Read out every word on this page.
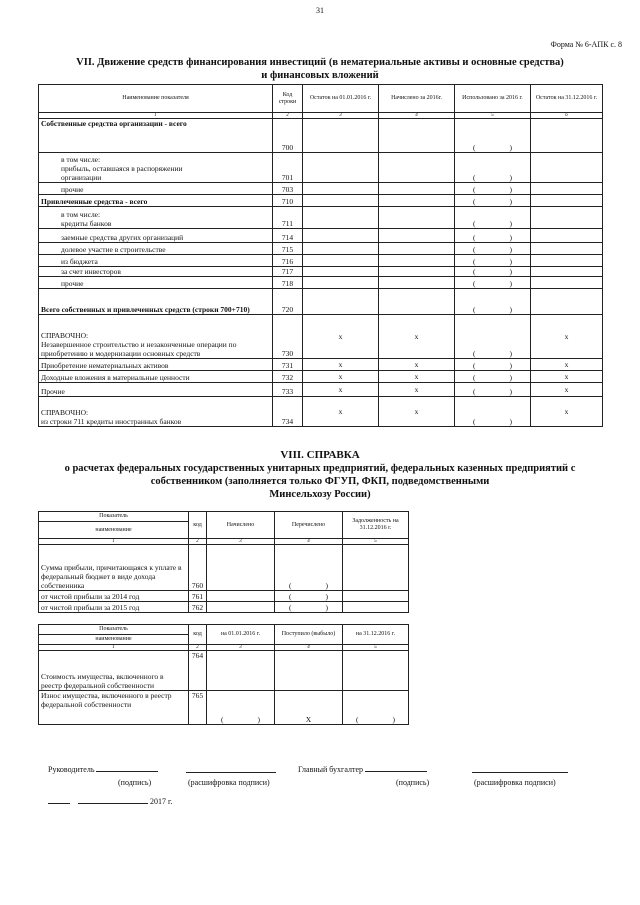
31
Форма № 6-АПК с. 8
VII. Движение средств финансирования инвестиций (в нематериальные активы и основные средства)
и финансовых вложений
Наименование показателя	Код строки	Остаток на 01.01.2016 г.	Начислено за 2016г.	Использовано за 2016 г.	Остаток на 31.12.2016 г.
1	2	3	4	5	6
Собственные средства организации - всего	700			( )	
в том числе:
прибыль, оставшаяся в распоряжении
организации	701			( )	
прочие	703			( )	
Привлеченные средства - всего	710			( )	
в том числе:
кредиты банков	711			( )	
заемные средства других организаций	714			( )	
долевое участие в строительстве	715			( )	
из бюджета	716			( )	
за счет инвесторов	717			( )	
прочие	718			( )	
Всего собственных и привлеченных средств (строки 700+710)	720			( )	
СПРАВОЧНО:
Незавершенное строительство и незаконченные операции по приобретению и модернизации основных средств	730	x	x	( )	x
Приобретение нематериальных активов	731	x	x	( )	x
Доходные вложения в материальные ценности	732	x	x	( )	x
Прочие	733	x	x	( )	x
СПРАВОЧНО:
из строки 711 кредиты иностранных банков	734	x	x	( )	x
VIII. СПРАВКА
о расчетах федеральных государственных унитарных предприятий, федеральных казенных предприятий с
собственником (заполняется только ФГУП, ФКП, подведомственными
Минсельхозу России)
Показатель	код	Начислено	Перечислено	Задолженность на 31.12.2016 г.
наименование				
1	2	3	4	5
Сумма прибыли, причитающаяся к уплате в федеральный бюджет в виде дохода собственника	760		( )	
от чистой прибыли за 2014 год	761		( )	
от чистой прибыли за 2015 год	762		( )	
Показатель	код	на 01.01.2016 г.	Поступило (выбыло)	на 31.12.2016 г.
наименование				
1	2	3	4	5
Стоимость имущества, включенного в реестр федеральной собственности	764			
Износ имущества, включенного в реестр федеральной собственности	765	( )	X	( )
Руководитель
(подпись)	(расшифровка подписи)
Главный бухгалтер
(подпись)	(расшифровка подписи)
2017 г.
